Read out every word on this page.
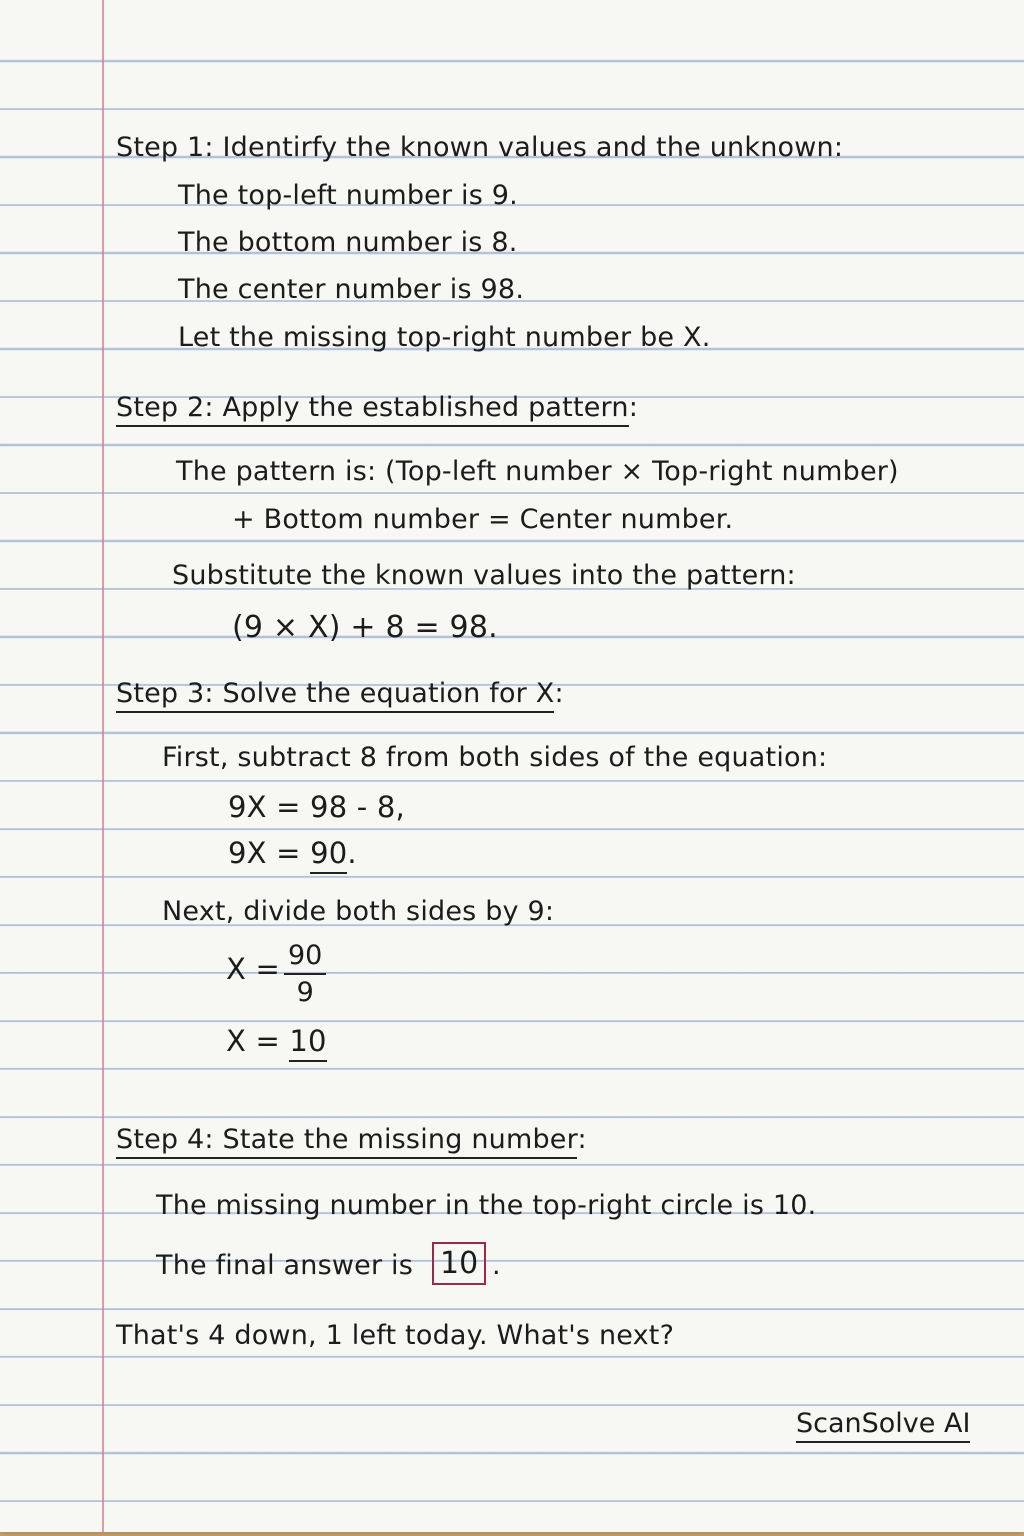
Step 1: Identirfy the known values and the unknown:
The top-left number is 9.
The bottom number is 8.
The center number is 98.
Let the missing top-right number be X.
Step 2: Apply the established pattern:
The pattern is: (Top-left number × Top-right number)
+ Bottom number = Center number.
Substitute the known values into the pattern:
(9 × X) + 8 = 98.
Step 3: Solve the equation for X:
First, subtract 8 from both sides of the equation:
9X = 98 - 8,
9X = 90.
Next, divide both sides by 9:
$X = \frac{90}{9}$
X = 10
Step 4: State the missing number:
The missing number in the top-right circle is 10.
The final answer is 10 .
That's 4 down, 1 left today. What's next?
ScanSolve AI
